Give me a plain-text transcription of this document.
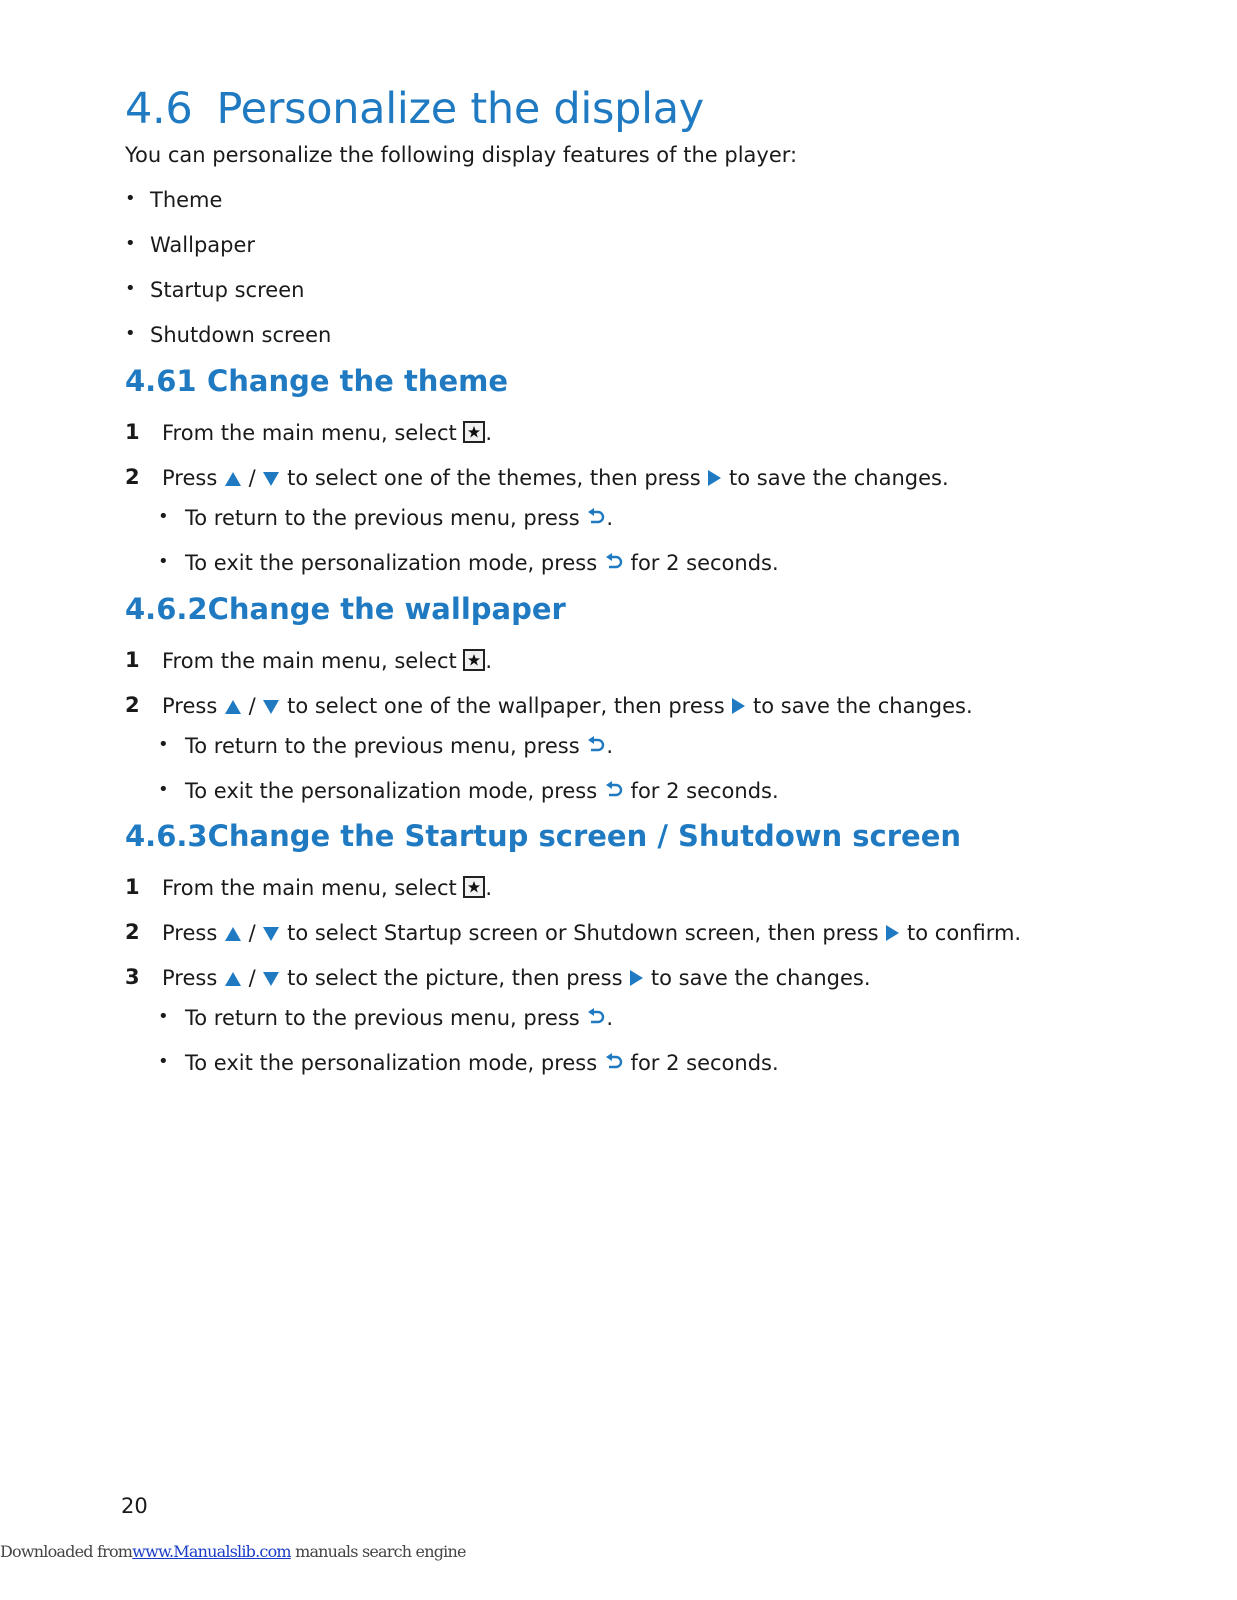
4.6 Personalize the display
You can personalize the following display features of the player:
• Theme
• Wallpaper
• Startup screen
• Shutdown screen
4.61 Change the theme
1 From the main menu, select .
2 Press / to select one of the themes, then press to save the changes.
• To return to the previous menu, press .
• To exit the personalization mode, press for 2 seconds.
4.6.2Change the wallpaper
1 From the main menu, select .
2 Press / to select one of the wallpaper, then press to save the changes.
• To return to the previous menu, press .
• To exit the personalization mode, press for 2 seconds.
4.6.3Change the Startup screen / Shutdown screen
1 From the main menu, select .
2 Press / to select Startup screen or Shutdown screen, then press to confirm.
3 Press / to select the picture, then press to save the changes.
• To return to the previous menu, press .
• To exit the personalization mode, press for 2 seconds.
20
Downloaded fromwww.Manualslib.com manuals search engine
